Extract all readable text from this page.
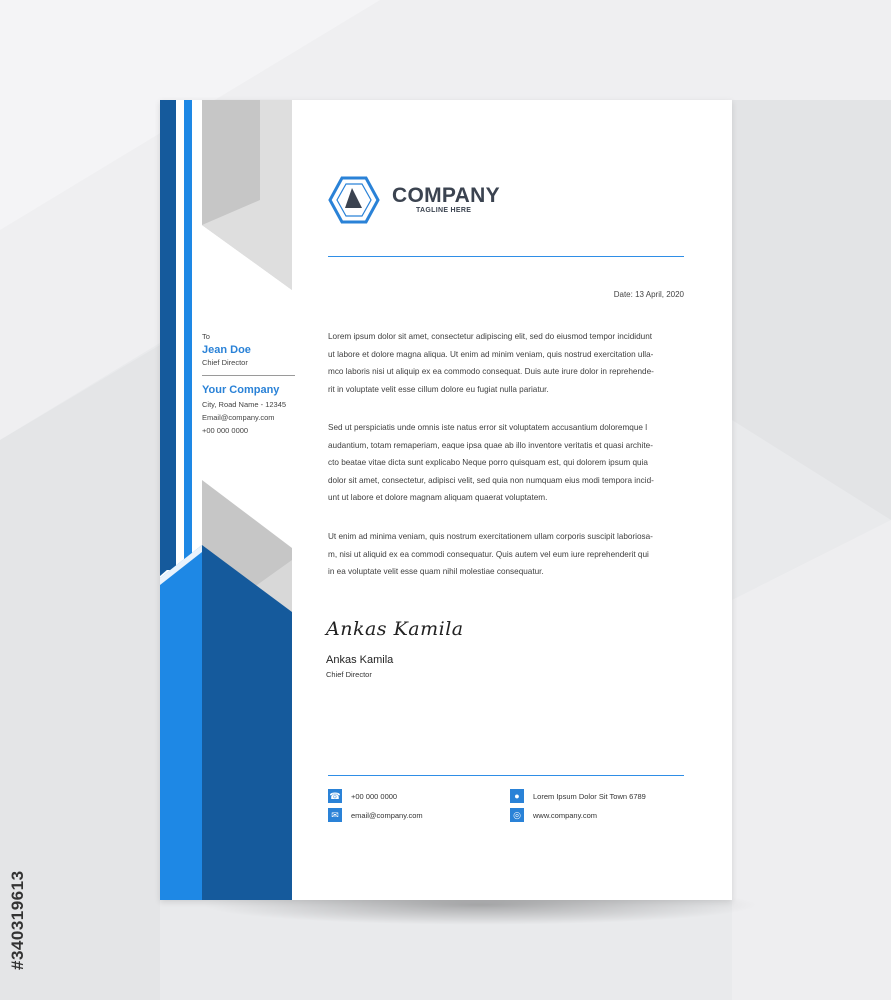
#340319613
COMPANY
TAGLINE HERE
Date: 13 April, 2020
To
Jean Doe
Chief Director
Your Company
City, Road Name - 12345
Email@company.com
+00 000 0000
Lorem ipsum dolor sit amet, consectetur adipiscing elit, sed do eiusmod tempor incididunt
ut labore et dolore magna aliqua. Ut enim ad minim veniam, quis nostrud exercitation ulla-
mco laboris nisi ut aliquip ex ea commodo consequat. Duis aute irure dolor in reprehende-
rit in voluptate velit esse cillum dolore eu fugiat nulla pariatur.
Sed ut perspiciatis unde omnis iste natus error sit voluptatem accusantium doloremque l
audantium, totam remaperiam, eaque ipsa quae ab illo inventore veritatis et quasi archite-
cto beatae vitae dicta sunt explicabo Neque porro quisquam est, qui dolorem ipsum quia
dolor sit amet, consectetur, adipisci velit, sed quia non numquam eius modi tempora incid-
unt ut labore et dolore magnam aliquam quaerat voluptatem.
Ut enim ad minima veniam, quis nostrum exercitationem ullam corporis suscipit laboriosa-
m, nisi ut aliquid ex ea commodi consequatur. Quis autem vel eum iure reprehenderit qui
in ea voluptate velit esse quam nihil molestiae consequatur.
Ankas Kamila
Ankas Kamila
Chief Director
☎ +00 000 0000
✉	email@company.com
●	Lorem Ipsum Dolor Sit Town 6789
◎	www.company.com
